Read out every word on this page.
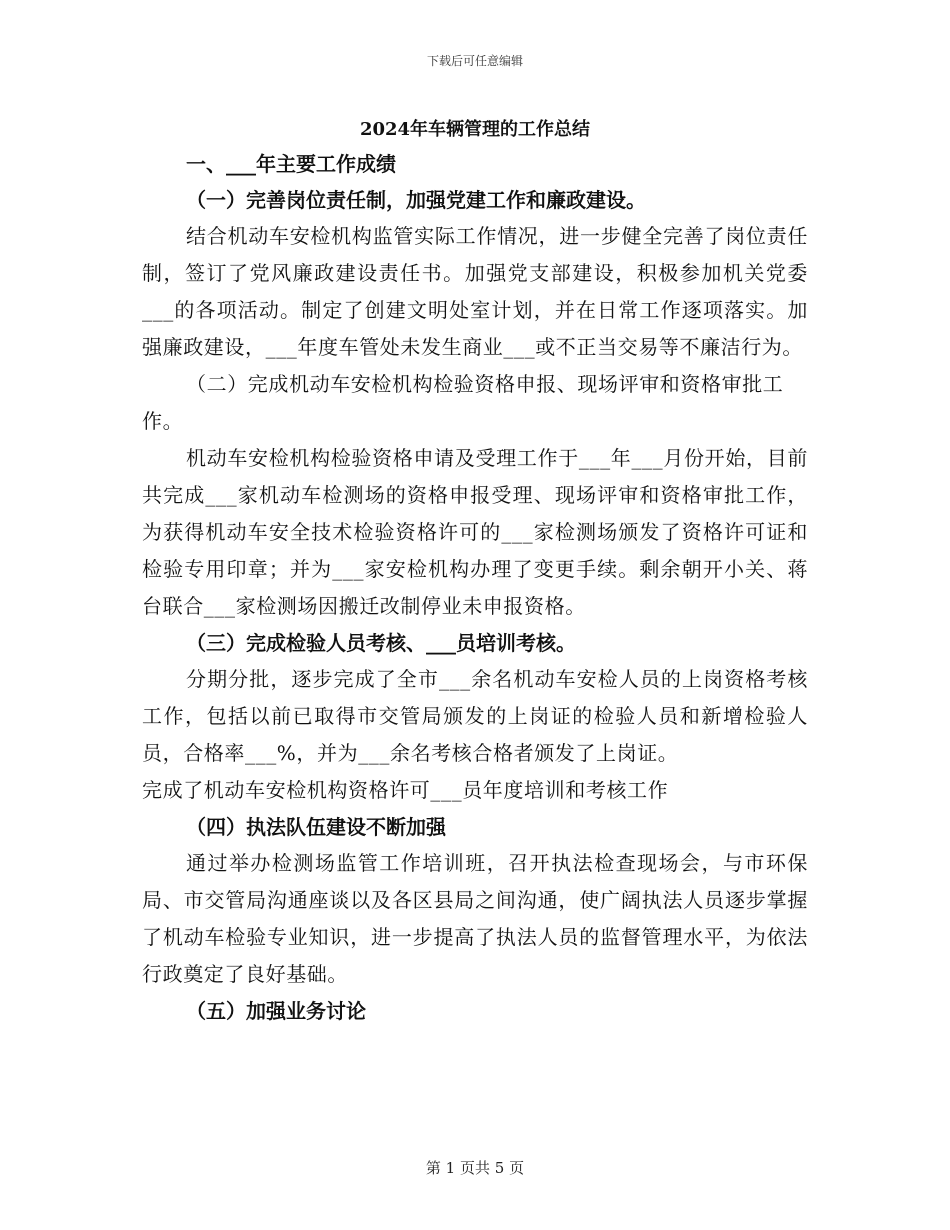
下载后可任意编辑

2024年车辆管理的工作总结

一、___年主要工作成绩

（一）完善岗位责任制，加强党建工作和廉政建设。

结合机动车安检机构监管实际工作情况，进一步健全完善了岗位责任制，签订了党风廉政建设责任书。加强党支部建设，积极参加机关党委___的各项活动。制定了创建文明处室计划，并在日常工作逐项落实。加强廉政建设，___年度车管处未发生商业___或不正当交易等不廉洁行为。

（二）完成机动车安检机构检验资格申报、现场评审和资格审批工作。

机动车安检机构检验资格申请及受理工作于___年___月份开始，目前共完成___家机动车检测场的资格申报受理、现场评审和资格审批工作，为获得机动车安全技术检验资格许可的___家检测场颁发了资格许可证和检验专用印章；并为___家安检机构办理了变更手续。剩余朝开小关、蒋台联合___家检测场因搬迁改制停业未申报资格。

（三）完成检验人员考核、___员培训考核。

分期分批，逐步完成了全市___余名机动车安检人员的上岗资格考核工作，包括以前已取得市交管局颁发的上岗证的检验人员和新增检验人员，合格率___%，并为___余名考核合格者颁发了上岗证。

完成了机动车安检机构资格许可___员年度培训和考核工作

（四）执法队伍建设不断加强

通过举办检测场监管工作培训班，召开执法检查现场会，与市环保局、市交管局沟通座谈以及各区县局之间沟通，使广阔执法人员逐步掌握了机动车检验专业知识，进一步提高了执法人员的监督管理水平，为依法行政奠定了良好基础。

（五）加强业务讨论

第 1 页共 5 页
